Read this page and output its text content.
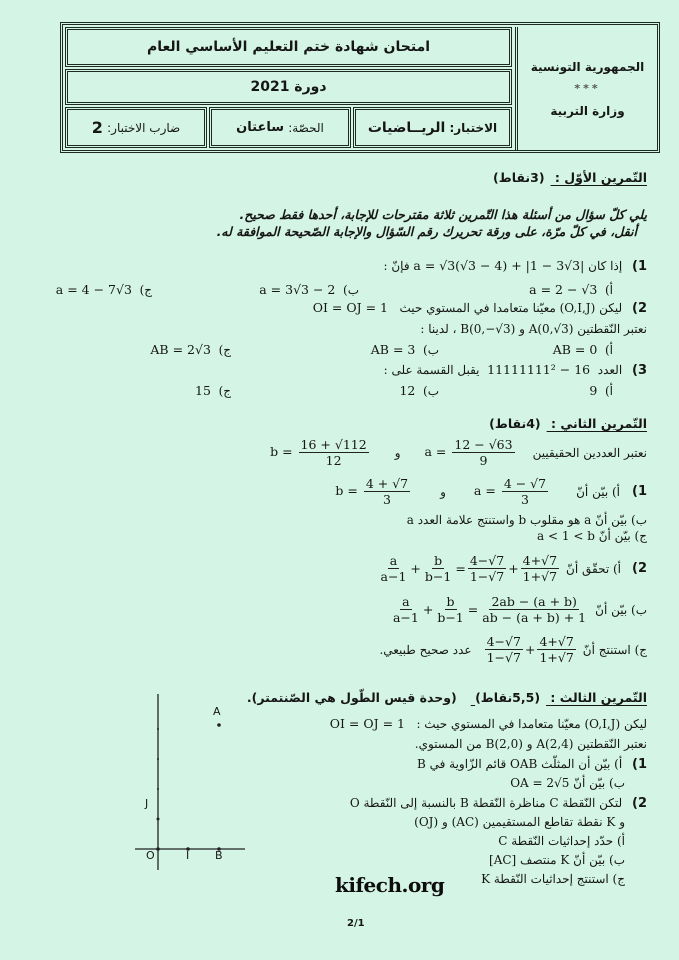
الجمهورية التونسية
***
وزارة التربية
امتحان شهادة ختم التعليم الأساسي العام
دورة 2021
الاختبار:

الريــاضيات
الحصّة:

ساعتان
ضارب الاختبار:

2
التّمرين الأوّل : (3نقاط)
يلي كلّ سؤال من أسئلة هذا التّمرين ثلاثة مقترحات للإجابة، أحدها فقط صحيح.
أنقل، في كلّ مرّة، على ورقة تحريرك رقم السّؤال والإجابة الصّحيحة الموافقة له.
1) إذا كان a = √3(√3 − 4) + |1 − 3√3| فإنّ :
أ)  a = 2 − √3
ب)  a = 3√3 − 2
ج)  a = 4 − 7√3
2) ليكن (O,I,J) معيّنا متعامدا في المستوي حيث   OI = OJ = 1
نعتبر النّقطتين A(0,√3) و B(0,−√3) ، لدينا :
أ)  AB = 0
ب)  AB = 3
ج)  AB = 2√3
3) العدد  11111111² − 16  يقبل القسمة على :
أ)  9
ب)  12
ج)  15
التّمرين الثاني : (4نقاط)
نعتبر العددين الحقيقيين
$a = \frac{12 - √63}{9}$
و
$b = \frac{16 + √112}{12}$
1)
أ) بيّن أنّ
$a = \frac{4 - √7}{3}$
و
$b = \frac{4 + √7}{3}$
ب) بيّن أنّ a هو مقلوب b واستنتج علامة العدد a
ج) بيّن أنّ a < 1 < b
2)
أ) تحقّق أنّ
$\frac{a}{a-1} + \frac{b}{b-1} = \frac{4-√7}{1-√7} + \frac{4+√7}{1+√7}$
ب) بيّن أنّ
$\frac{a}{a-1} + \frac{b}{b-1} = \frac{2ab - (a + b)}{ab - (a + b) + 1}$
ج) استنتج أنّ
$\frac{4-√7}{1-√7} + \frac{4+√7}{1+√7}$
عدد صحيح طبيعي.
التّمرين الثالث : (5,5نقاط) (وحدة قيس الطّول هي الصّنتمتر).
ليكن (O,I,J) معيّنا متعامدا في المستوي حيث :   OI = OJ = 1
نعتبر النّقطتين A(2,4) و B(2,0) من المستوي.
1) أ) بيّن أن المثلّث OAB قائم الزّاوية في B
ب) بيّن أنّ OA = 2√5
2) لتكن النّقطة C مناظرة النّقطة B بالنسبة إلى النّقطة O
و K نقطة تقاطع المستقيمين (AC) و (OJ)
أ) حدّد إحداثيات النّقطة C
ب) بيّن أنّ K منتصف [AC]
ج) استنتج إحداثيات النّقطة K
A
J
O	I B
kifech.org
2/1
